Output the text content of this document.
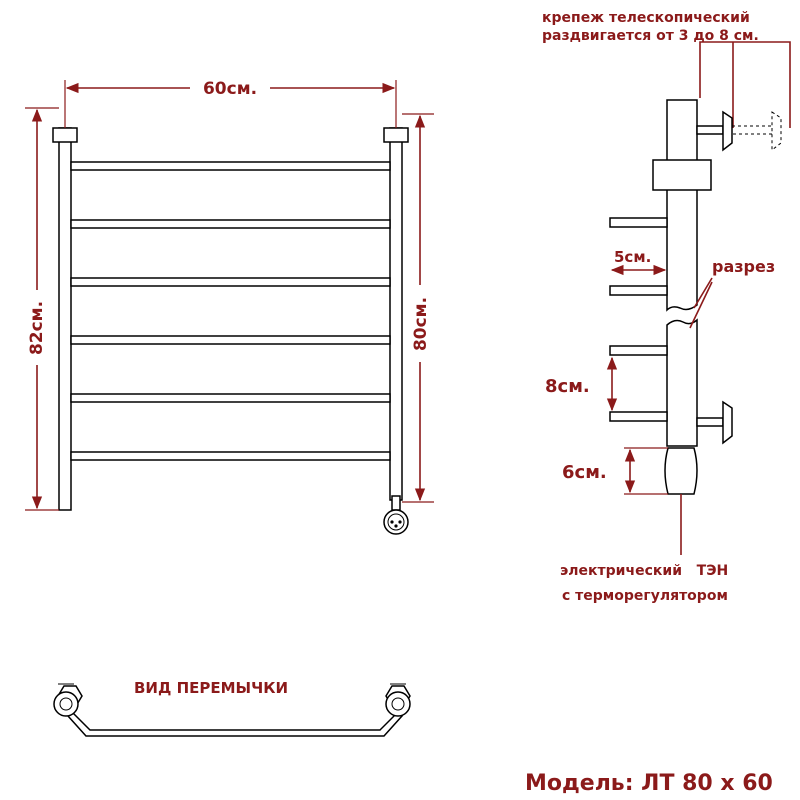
60см.
82см.	80см.
крепеж телескопический
раздвигается от 3 до 8 см.
5см.	разрез
8см.
6см.
электрический   ТЭН
с терморегулятором
ВИД ПЕРЕМЫЧКИ
Модель: ЛТ 80 х 60
